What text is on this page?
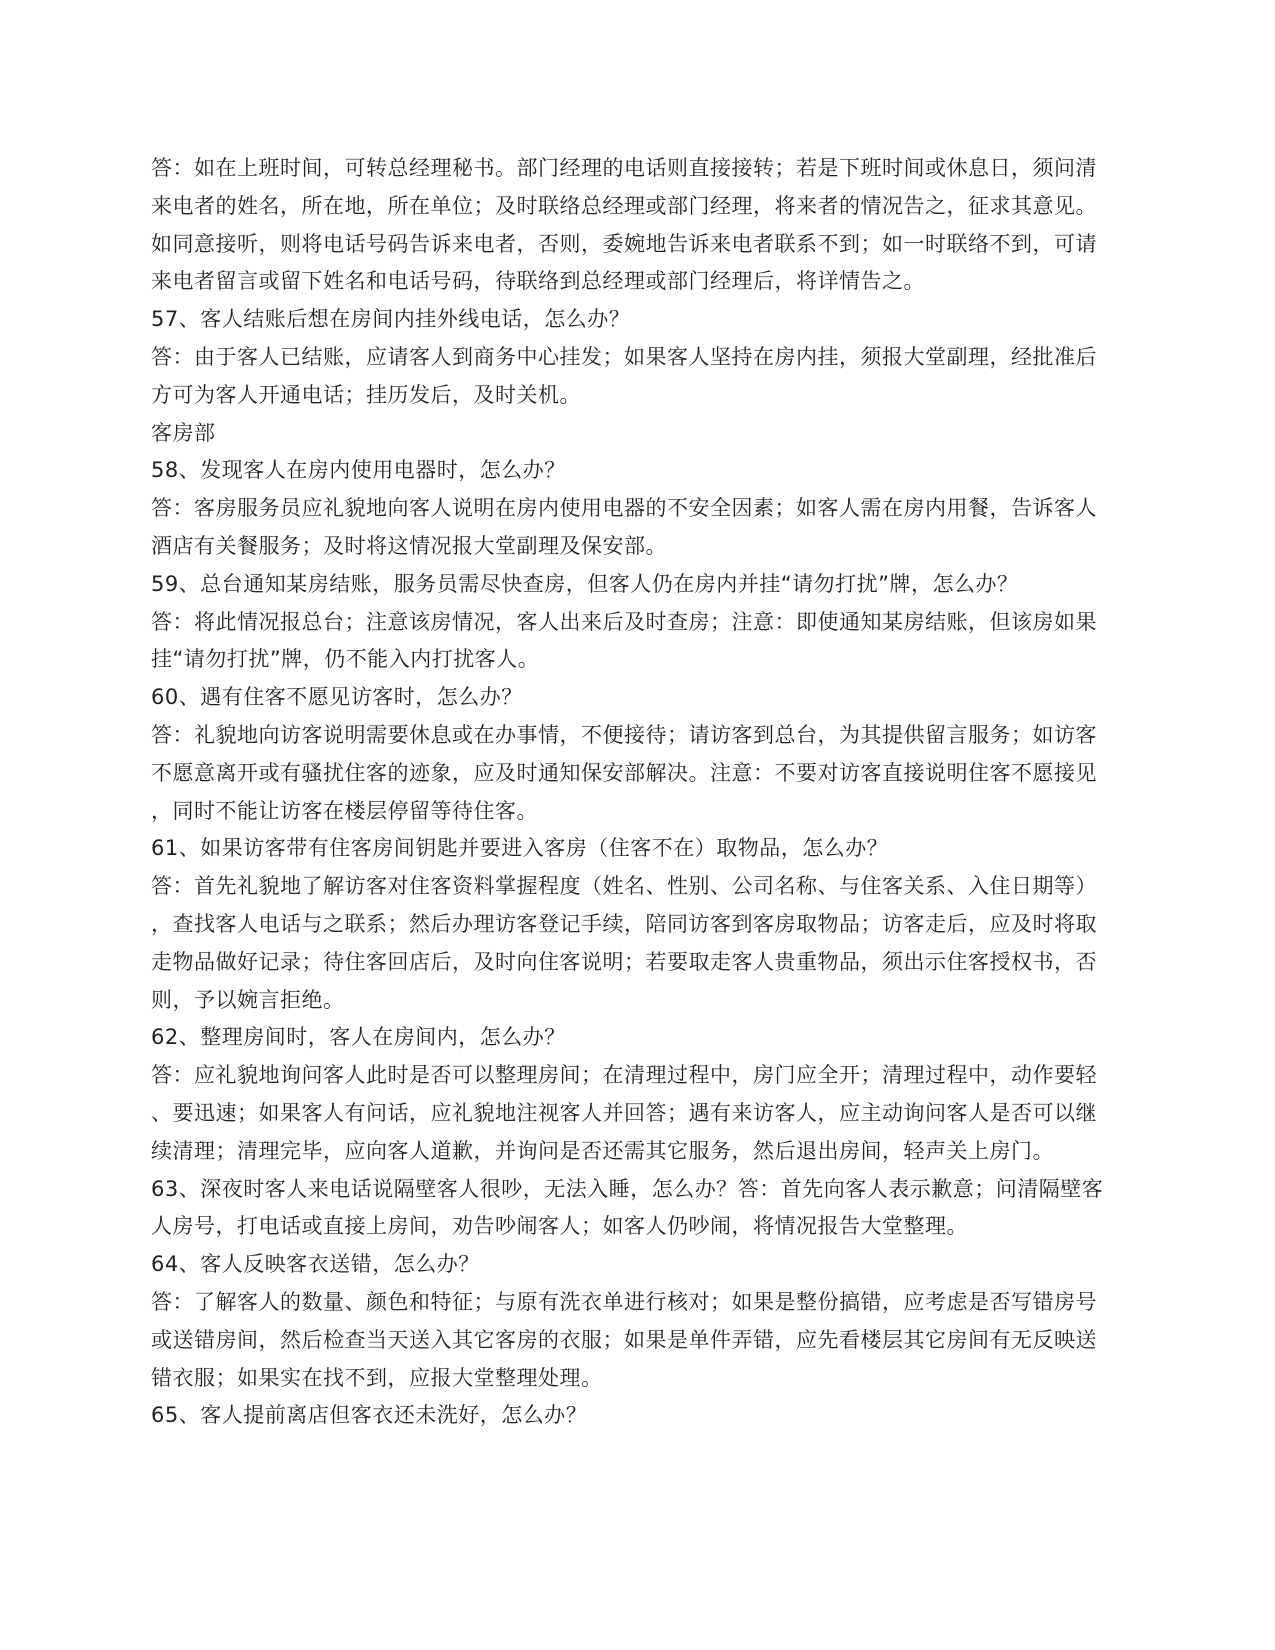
答：如在上班时间，可转总经理秘书。部门经理的电话则直接接转；若是下班时间或休息日，须问清
来电者的姓名，所在地，所在单位；及时联络总经理或部门经理，将来者的情况告之，征求其意见。
如同意接听，则将电话号码告诉来电者，否则，委婉地告诉来电者联系不到；如一时联络不到，可请
来电者留言或留下姓名和电话号码，待联络到总经理或部门经理后，将详情告之。
57、客人结账后想在房间内挂外线电话，怎么办？
答：由于客人已结账，应请客人到商务中心挂发；如果客人坚持在房内挂，须报大堂副理，经批准后
方可为客人开通电话；挂历发后，及时关机。
客房部
58、发现客人在房内使用电器时，怎么办？
答：客房服务员应礼貌地向客人说明在房内使用电器的不安全因素；如客人需在房内用餐，告诉客人
酒店有关餐服务；及时将这情况报大堂副理及保安部。
59、总台通知某房结账，服务员需尽快查房，但客人仍在房内并挂“请勿打扰”牌，怎么办？
答：将此情况报总台；注意该房情况，客人出来后及时查房；注意：即使通知某房结账，但该房如果
挂“请勿打扰”牌，仍不能入内打扰客人。
60、遇有住客不愿见访客时，怎么办？
答：礼貌地向访客说明需要休息或在办事情，不便接待；请访客到总台，为其提供留言服务；如访客
不愿意离开或有骚扰住客的迹象，应及时通知保安部解决。注意：不要对访客直接说明住客不愿接见
，同时不能让访客在楼层停留等待住客。
61、如果访客带有住客房间钥匙并要进入客房（住客不在）取物品，怎么办？
答：首先礼貌地了解访客对住客资料掌握程度（姓名、性别、公司名称、与住客关系、入住日期等）
，查找客人电话与之联系；然后办理访客登记手续，陪同访客到客房取物品；访客走后，应及时将取
走物品做好记录；待住客回店后，及时向住客说明；若要取走客人贵重物品，须出示住客授权书，否
则，予以婉言拒绝。
62、整理房间时，客人在房间内，怎么办？
答：应礼貌地询问客人此时是否可以整理房间；在清理过程中，房门应全开；清理过程中，动作要轻
、要迅速；如果客人有问话，应礼貌地注视客人并回答；遇有来访客人，应主动询问客人是否可以继
续清理；清理完毕，应向客人道歉，并询问是否还需其它服务，然后退出房间，轻声关上房门。
63、深夜时客人来电话说隔壁客人很吵，无法入睡，怎么办？答：首先向客人表示歉意；问清隔壁客
人房号，打电话或直接上房间，劝告吵闹客人；如客人仍吵闹，将情况报告大堂整理。
64、客人反映客衣送错，怎么办？
答：了解客人的数量、颜色和特征；与原有洗衣单进行核对；如果是整份搞错，应考虑是否写错房号
或送错房间，然后检查当天送入其它客房的衣服；如果是单件弄错，应先看楼层其它房间有无反映送
错衣服；如果实在找不到，应报大堂整理处理。
65、客人提前离店但客衣还未洗好，怎么办？
